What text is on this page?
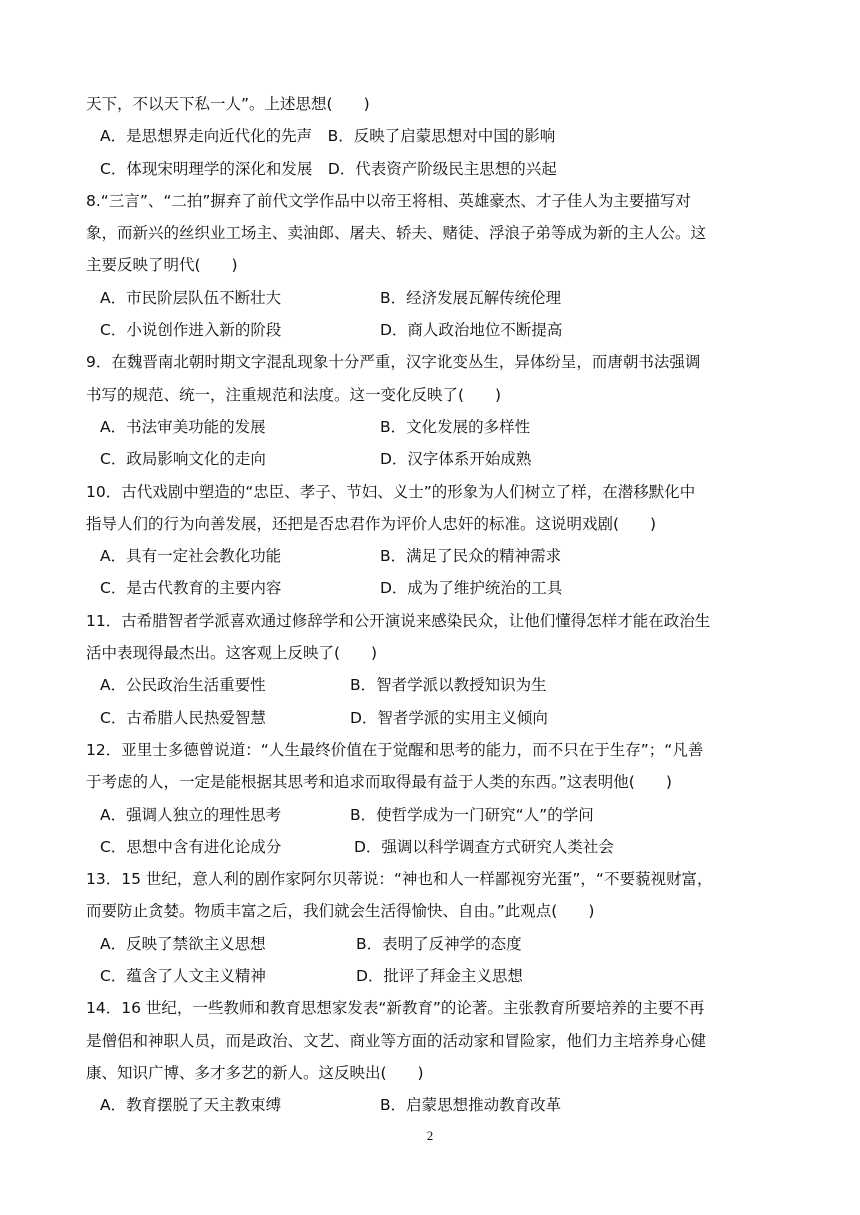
天下，不以天下私一人”。上述思想(　　)
A．是思想界走向近代化的先声　B．反映了启蒙思想对中国的影响
C．体现宋明理学的深化和发展　D．代表资产阶级民主思想的兴起
8.“三言”、“二拍”摒弃了前代文学作品中以帝王将相、英雄豪杰、才子佳人为主要描写对
象，而新兴的丝织业工场主、卖油郎、屠夫、轿夫、赌徒、浮浪子弟等成为新的主人公。这
主要反映了明代(　　)
A．市民阶层队伍不断壮大	B．经济发展瓦解传统伦理
C．小说创作进入新的阶段	D．商人政治地位不断提高
9．在魏晋南北朝时期文字混乱现象十分严重，汉字讹变丛生，异体纷呈，而唐朝书法强调
书写的规范、统一，注重规范和法度。这一变化反映了(　　)
A．书法审美功能的发展	B．文化发展的多样性
C．政局影响文化的走向	D．汉字体系开始成熟
10．古代戏剧中塑造的“忠臣、孝子、节妇、义士”的形象为人们树立了样，在潜移默化中
指导人们的行为向善发展，还把是否忠君作为评价人忠奸的标准。这说明戏剧(　　)
A．具有一定社会教化功能	B．满足了民众的精神需求
C．是古代教育的主要内容	D．成为了维护统治的工具
11．古希腊智者学派喜欢通过修辞学和公开演说来感染民众，让他们懂得怎样才能在政治生
活中表现得最杰出。这客观上反映了(　　)
A．公民政治生活重要性	B．智者学派以教授知识为生
C．古希腊人民热爱智慧	D．智者学派的实用主义倾向
12．亚里士多德曾说道：“人生最终价值在于觉醒和思考的能力，而不只在于生存”；“凡善
于考虑的人，一定是能根据其思考和追求而取得最有益于人类的东西。”这表明他(　　)
A．强调人独立的理性思考	B．使哲学成为一门研究“人”的学问
C．思想中含有进化论成分	D．强调以科学调查方式研究人类社会
13．15 世纪，意人利的剧作家阿尔贝蒂说：“神也和人一样鄙视穷光蛋”，“不要藐视财富，
而要防止贪婪。物质丰富之后，我们就会生活得愉快、自由。”此观点(　　)
A．反映了禁欲主义思想	B．表明了反神学的态度
C．蕴含了人文主义精神	D．批评了拜金主义思想
14．16 世纪，一些教师和教育思想家发表“新教育”的论著。主张教育所要培养的主要不再
是僧侣和神职人员，而是政治、文艺、商业等方面的活动家和冒险家，他们力主培养身心健
康、知识广博、多才多艺的新人。这反映出(　　)
A．教育摆脱了天主教束缚	B．启蒙思想推动教育改革
2
